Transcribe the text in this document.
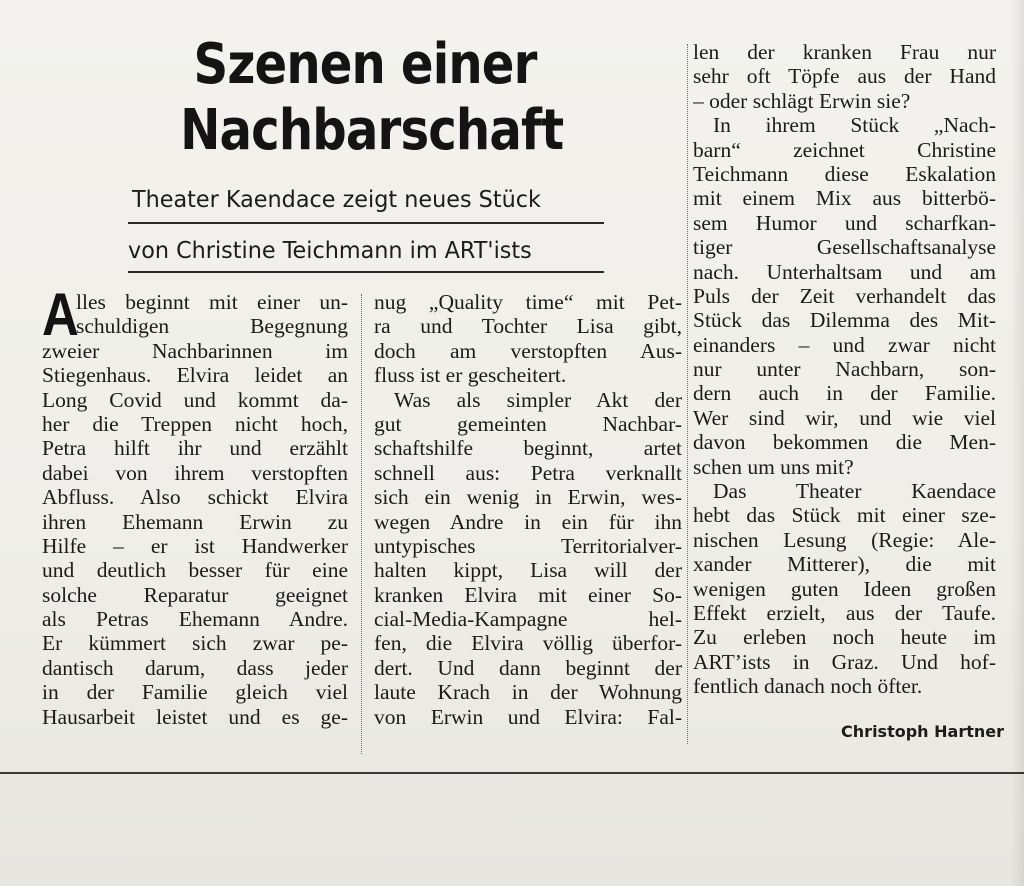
Szenen einer
Nachbarschaft
Theater Kaendace zeigt neues Stück
von Christine Teichmann im ART'ists
A
lles beginnt mit einer un-
schuldigen Begegnung
zweier Nachbarinnen im
Stiegenhaus. Elvira leidet an
Long Covid und kommt da-
her die Treppen nicht hoch,
Petra hilft ihr und erzählt
dabei von ihrem verstopften
Abfluss. Also schickt Elvira
ihren Ehemann Erwin zu
Hilfe – er ist Handwerker
und deutlich besser für eine
solche Reparatur geeignet
als Petras Ehemann Andre.
Er kümmert sich zwar pe-
dantisch darum, dass jeder
in der Familie gleich viel
Hausarbeit leistet und es ge-
nug „Quality time“ mit Pet-
ra und Tochter Lisa gibt,
doch am verstopften Aus-
fluss ist er gescheitert.
Was als simpler Akt der
gut gemeinten Nachbar-
schaftshilfe beginnt, artet
schnell aus: Petra verknallt
sich ein wenig in Erwin, wes-
wegen Andre in ein für ihn
untypisches Territorialver-
halten kippt, Lisa will der
kranken Elvira mit einer So-
cial-Media-Kampagne hel-
fen, die Elvira völlig überfor-
dert. Und dann beginnt der
laute Krach in der Wohnung
von Erwin und Elvira: Fal-
len der kranken Frau nur
sehr oft Töpfe aus der Hand
– oder schlägt Erwin sie?
In ihrem Stück „Nach-
barn“ zeichnet Christine
Teichmann diese Eskalation
mit einem Mix aus bitterbö-
sem Humor und scharfkan-
tiger Gesellschaftsanalyse
nach. Unterhaltsam und am
Puls der Zeit verhandelt das
Stück das Dilemma des Mit-
einanders – und zwar nicht
nur unter Nachbarn, son-
dern auch in der Familie.
Wer sind wir, und wie viel
davon bekommen die Men-
schen um uns mit?
Das Theater Kaendace
hebt das Stück mit einer sze-
nischen Lesung (Regie: Ale-
xander Mitterer), die mit
wenigen guten Ideen großen
Effekt erzielt, aus der Taufe.
Zu erleben noch heute im
ART’ists in Graz. Und hof-
fentlich danach noch öfter.
Christoph Hartner
